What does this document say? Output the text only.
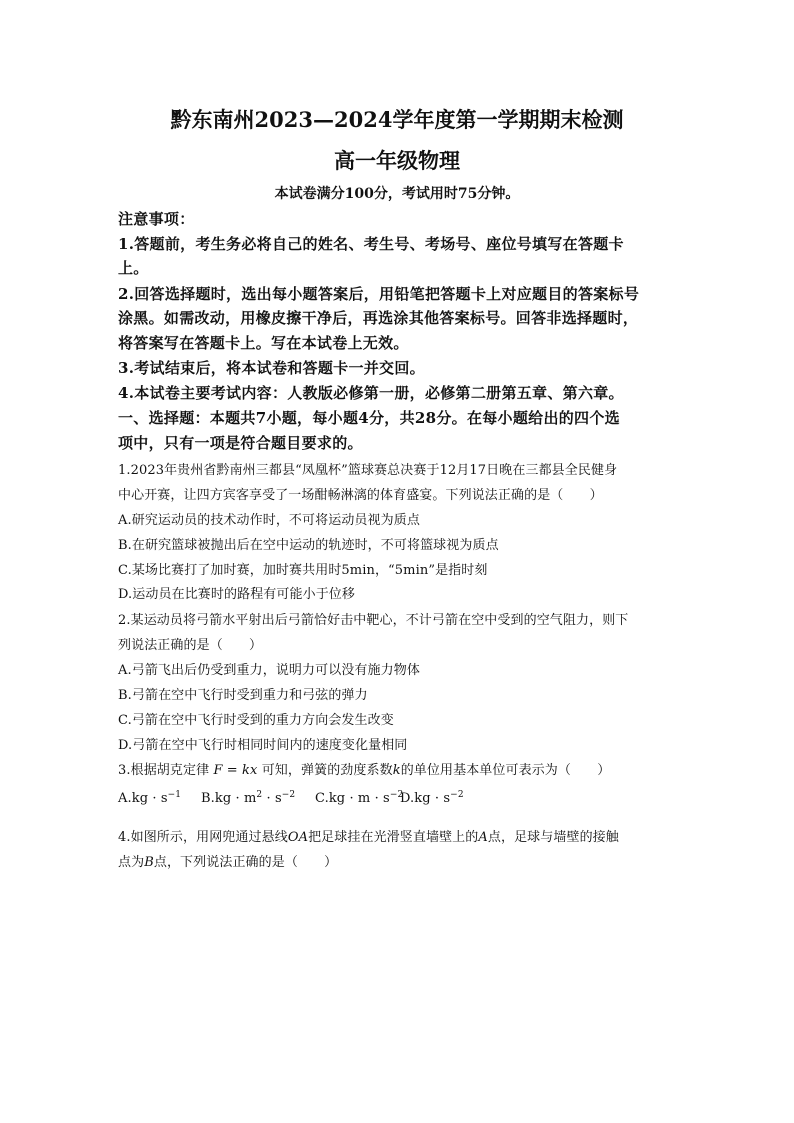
黔东南州2023—2024学年度第一学期期末检测
高一年级物理
本试卷满分100分，考试用时75分钟。
注意事项：
1.答题前，考生务必将自己的姓名、考生号、考场号、座位号填写在答题卡
上。
2.回答选择题时，选出每小题答案后，用铅笔把答题卡上对应题目的答案标号
涂黑。如需改动，用橡皮擦干净后，再选涂其他答案标号。回答非选择题时，
将答案写在答题卡上。写在本试卷上无效。
3.考试结束后，将本试卷和答题卡一并交回。
4.本试卷主要考试内容：人教版必修第一册，必修第二册第五章、第六章。
一、选择题：本题共7小题，每小题4分，共28分。在每小题给出的四个选
项中，只有一项是符合题目要求的。
1.2023年贵州省黔南州三都县“凤凰杯”篮球赛总决赛于12月17日晚在三都县全民健身
中心开赛，让四方宾客享受了一场酣畅淋漓的体育盛宴。下列说法正确的是（　　）
A.研究运动员的技术动作时，不可将运动员视为质点
B.在研究篮球被抛出后在空中运动的轨迹时，不可将篮球视为质点
C.某场比赛打了加时赛，加时赛共用时5min，“5min”是指时刻
D.运动员在比赛时的路程有可能小于位移
2.某运动员将弓箭水平射出后弓箭恰好击中靶心，不计弓箭在空中受到的空气阻力，则下
列说法正确的是（　　）
A.弓箭飞出后仍受到重力，说明力可以没有施力物体
B.弓箭在空中飞行时受到重力和弓弦的弹力
C.弓箭在空中飞行时受到的重力方向会发生改变
D.弓箭在空中飞行时相同时间内的速度变化量相同
3.根据胡克定律 F = kx 可知，弹簧的劲度系数k的单位用基本单位可表示为（　　）
$A.kg \cdot s^{-1}$ $B.kg \cdot m^2 \cdot s^{-2}$ $C.kg \cdot m \cdot s^{-2}D.kg \cdot s^{-2}$
4.如图所示，用网兜通过悬线OA把足球挂在光滑竖直墙壁上的A点，足球与墙壁的接触
点为B点，下列说法正确的是（　　）
